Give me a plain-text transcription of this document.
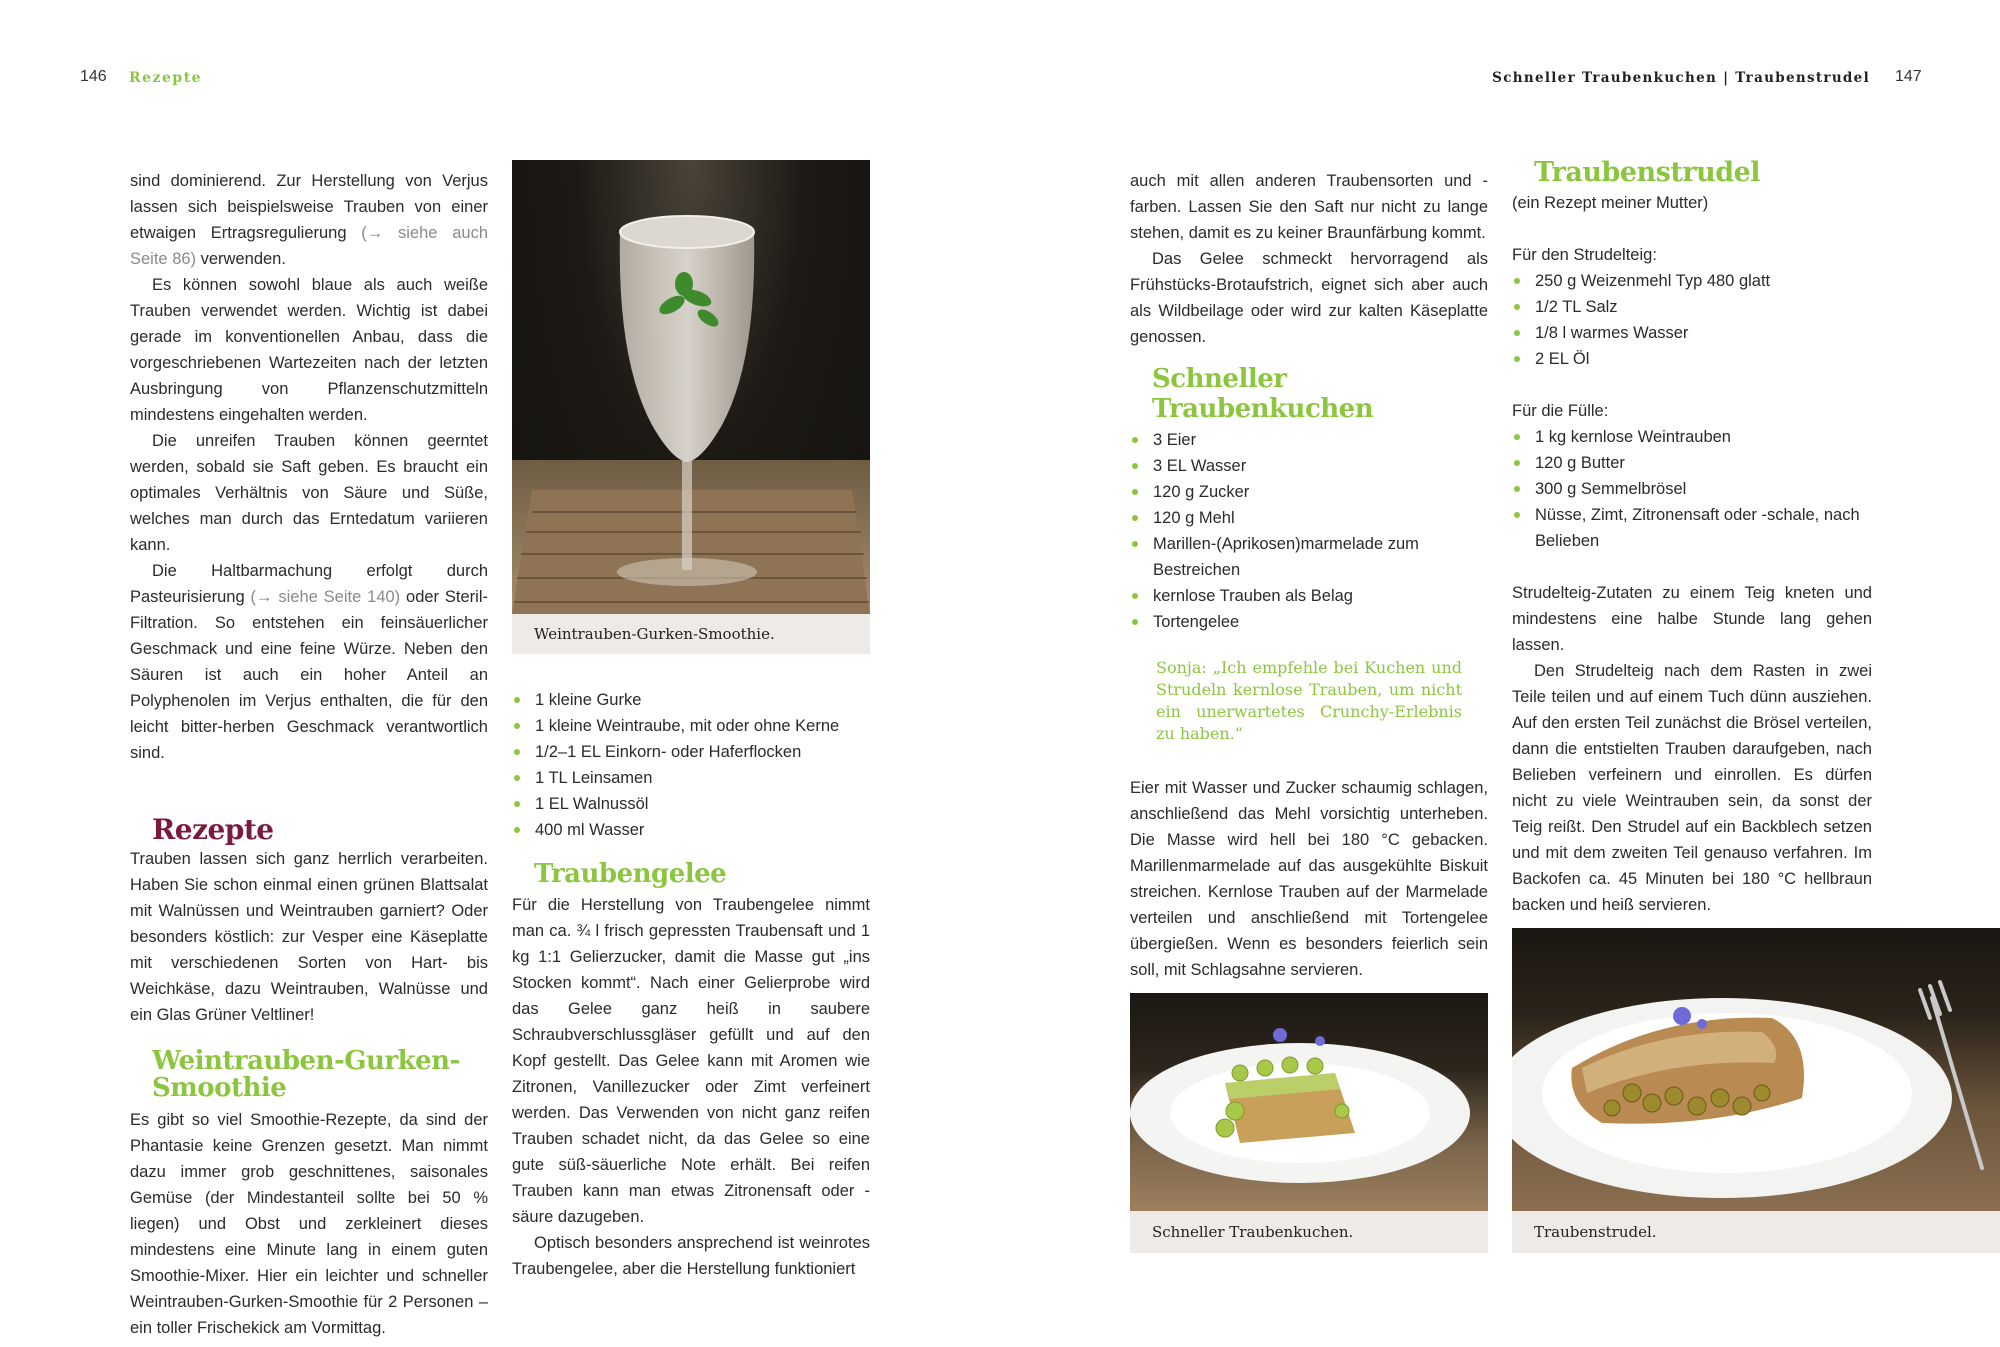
146 Rezepte	Schneller Traubenkuchen | Traubenstrudel 147

sind dominierend. Zur Herstellung von Verjus lassen sich beispielsweise Trauben von einer etwaigen Ertragsregulierung (→ siehe auch Seite 86) verwenden.

Es können sowohl blaue als auch weiße Trauben verwendet werden. Wichtig ist dabei gerade im konventionellen Anbau, dass die vorgeschriebenen Wartezeiten nach der letzten Ausbringung von Pflanzenschutzmitteln mindestens eingehalten werden.

Die unreifen Trauben können geerntet werden, sobald sie Saft geben. Es braucht ein optimales Verhältnis von Säure und Süße, welches man durch das Erntedatum variieren kann.

Die Haltbarmachung erfolgt durch Pasteurisierung (→ siehe Seite 140) oder Steril-Filtration. So entstehen ein feinsäuerlicher Geschmack und eine feine Würze. Neben den Säuren ist auch ein hoher Anteil an Polyphenolen im Verjus enthalten, die für den leicht bitter-herben Geschmack verantwortlich sind.

Rezepte

Trauben lassen sich ganz herrlich verarbeiten. Haben Sie schon einmal einen grünen Blattsalat mit Walnüssen und Weintrauben garniert? Oder besonders köstlich: zur Vesper eine Käseplatte mit verschiedenen Sorten von Hart- bis Weichkäse, dazu Weintrauben, Walnüsse und ein Glas Grüner Veltliner!

Weintrauben-Gurken-Smoothie

Es gibt so viel Smoothie-Rezepte, da sind der Phantasie keine Grenzen gesetzt. Man nimmt dazu immer grob geschnittenes, saisonales Gemüse (der Mindestanteil sollte bei 50 % liegen) und Obst und zerkleinert dieses mindestens eine Minute lang in einem guten Smoothie-Mixer. Hier ein leichter und schneller Weintrauben-Gurken-Smoothie für 2 Personen – ein toller Frischekick am Vormittag.

.
Weintrauben-Gurken-Smoothie.
1 kleine Gurke
1 kleine Weintraube, mit oder ohne Kerne
1/2–1 EL Einkorn- oder Haferflocken
1 TL Leinsamen
1 EL Walnussöl
400 ml Wasser
Traubengelee

Für die Herstellung von Traubengelee nimmt man ca. ¾ l frisch gepressten Traubensaft und 1 kg 1:1 Gelierzucker, damit die Masse gut „ins Stocken kommt“. Nach einer Gelierprobe wird das Gelee ganz heiß in saubere Schraubverschlussgläser gefüllt und auf den Kopf gestellt. Das Gelee kann mit Aromen wie Zitronen, Vanillezucker oder Zimt verfeinert werden. Das Verwenden von nicht ganz reifen Trauben schadet nicht, da das Gelee so eine gute süß-säuerliche Note erhält. Bei reifen Trauben kann man etwas Zitronensaft oder -säure dazugeben.

Optisch besonders ansprechend ist weinrotes Traubengelee, aber die Herstellung funktioniert

auch mit allen anderen Traubensorten und -farben. Lassen Sie den Saft nur nicht zu lange stehen, damit es zu keiner Braunfärbung kommt.

Das Gelee schmeckt hervorragend als Frühstücks-Brotaufstrich, eignet sich aber auch als Wildbeilage oder wird zur kalten Käseplatte genossen.

Schneller Traubenkuchen
3 Eier
3 EL Wasser
120 g Zucker
120 g Mehl
Marillen-(Aprikosen)marmelade zum Bestreichen
kernlose Trauben als Belag
Tortengelee

Sonja: „Ich empfehle bei Kuchen und Strudeln kernlose Trauben, um nicht ein unerwartetes Crunchy-Erlebnis zu haben.“

Eier mit Wasser und Zucker schaumig schlagen, anschließend das Mehl vorsichtig unterheben. Die Masse wird hell bei 180 °C gebacken. Marillenmarmelade auf das ausgekühlte Biskuit streichen. Kernlose Trauben auf der Marmelade verteilen und anschließend mit Tortengelee übergießen. Wenn es besonders feierlich sein soll, mit Schlagsahne servieren.

Schneller Traubenkuchen.
Traubenstrudel

(ein Rezept meiner Mutter)

Für den Strudelteig:

250 g Weizenmehl Typ 480 glatt
1/2 TL Salz
1/8 l warmes Wasser
2 EL Öl

Für die Fülle:

1 kg kernlose Weintrauben
120 g Butter
300 g Semmelbrösel
Nüsse, Zimt, Zitronensaft oder -schale, nach Belieben

Strudelteig-Zutaten zu einem Teig kneten und mindestens eine halbe Stunde lang gehen lassen.

Den Strudelteig nach dem Rasten in zwei Teile teilen und auf einem Tuch dünn ausziehen. Auf den ersten Teil zunächst die Brösel verteilen, dann die entstielten Trauben daraufgeben, nach Belieben verfeinern und einrollen. Es dürfen nicht zu viele Weintrauben sein, da sonst der Teig reißt. Den Strudel auf ein Backblech setzen und mit dem zweiten Teil genauso verfahren. Im Backofen ca. 45 Minuten bei 180 °C hellbraun backen und heiß servieren.

Traubenstrudel.
